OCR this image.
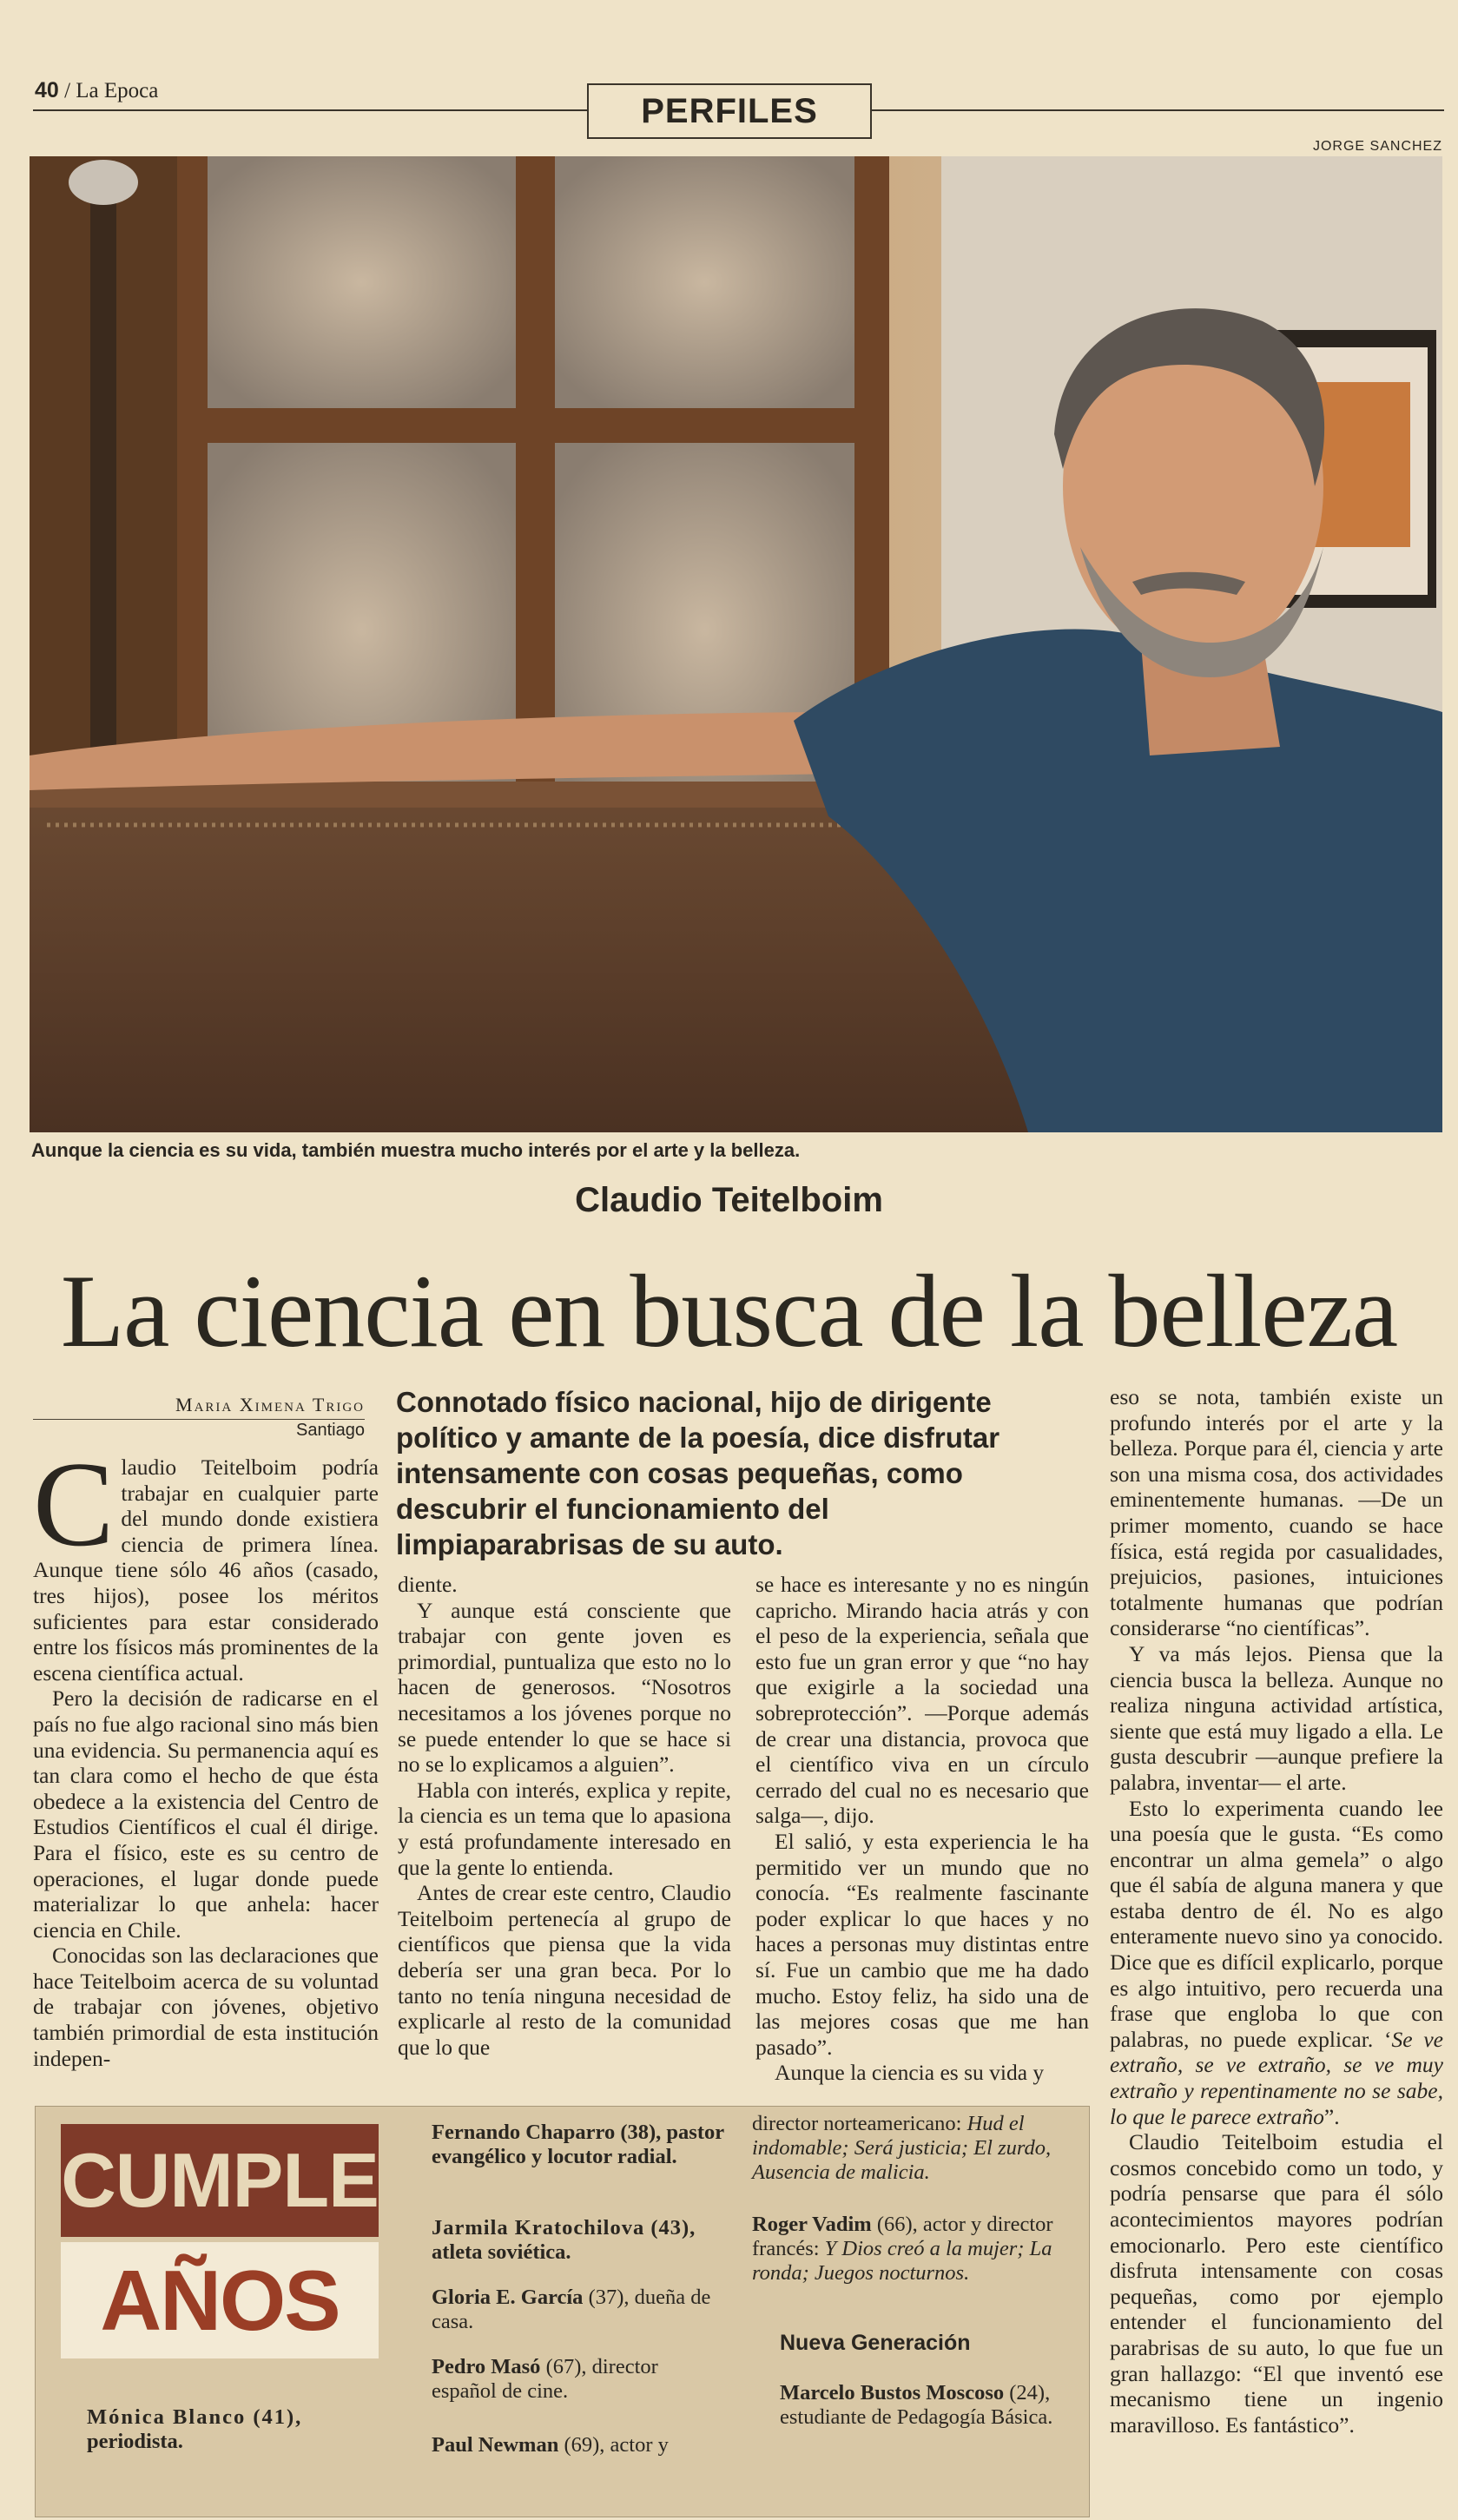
40 / La Epoca
PERFILES
JORGE SANCHEZ
Aunque la ciencia es su vida, también muestra mucho interés por el arte y la belleza.
Claudio Teitelboim
La ciencia en busca de la belleza
Maria Ximena Trigo
Santiago
Connotado físico nacional, hijo de dirigente político y amante de la poesía, dice disfrutar intensamente con cosas pequeñas, como descubrir el funcionamiento del limpiaparabrisas de su auto.

Claudio Teitelboim podría trabajar en cualquier parte del mundo donde existiera ciencia de primera línea. Aunque tiene sólo 46 años (casado, tres hijos), posee los méritos suficientes para estar considerado entre los físicos más prominentes de la escena científica actual.

Pero la decisión de radicarse en el país no fue algo racional sino más bien una evidencia. Su permanencia aquí es tan clara como el hecho de que ésta obedece a la existencia del Centro de Estudios Científicos el cual él dirige. Para el físico, este es su centro de operaciones, el lugar donde puede materializar lo que anhela: hacer ciencia en Chile.

Conocidas son las declaraciones que hace Teitelboim acerca de su voluntad de trabajar con jóvenes, objetivo también primordial de esta institución indepen-

diente.

Y aunque está consciente que trabajar con gente joven es primordial, puntualiza que esto no lo hacen de generosos. “Nosotros necesitamos a los jóvenes porque no se puede entender lo que se hace si no se lo explicamos a alguien”.

Habla con interés, explica y repite, la ciencia es un tema que lo apasiona y está profundamente interesado en que la gente lo entienda.

Antes de crear este centro, Claudio Teitelboim pertenecía al grupo de científicos que piensa que la vida debería ser una gran beca. Por lo tanto no tenía ninguna necesidad de explicarle al resto de la comunidad que lo que

se hace es interesante y no es ningún capricho. Mirando hacia atrás y con el peso de la experiencia, señala que esto fue un gran error y que “no hay que exigirle a la sociedad una sobreprotección”. —Porque además de crear una distancia, provoca que el científico viva en un círculo cerrado del cual no es necesario que salga—, dijo.

El salió, y esta experiencia le ha permitido ver un mundo que no conocía. “Es realmente fascinante poder explicar lo que haces y no haces a personas muy distintas entre sí. Fue un cambio que me ha dado mucho. Estoy feliz, ha sido una de las mejores cosas que me han pasado”.

Aunque la ciencia es su vida y

eso se nota, también existe un profundo interés por el arte y la belleza. Porque para él, ciencia y arte son una misma cosa, dos actividades eminentemente humanas. —De un primer momento, cuando se hace física, está regida por casualidades, prejuicios, pasiones, intuiciones totalmente humanas que podrían considerarse “no científicas”.

Y va más lejos. Piensa que la ciencia busca la belleza. Aunque no realiza ninguna actividad artística, siente que está muy ligado a ella. Le gusta descubrir —aunque prefiere la palabra, inventar— el arte.

Esto lo experimenta cuando lee una poesía que le gusta. “Es como encontrar un alma gemela” o algo que él sabía de alguna manera y que estaba dentro de él. No es algo enteramente nuevo sino ya conocido. Dice que es difícil explicarlo, porque es algo intuitivo, pero recuerda una frase que engloba lo que con palabras, no puede explicar. ‘Se ve extraño, se ve extraño, se ve muy extraño y repentinamente no se sabe, lo que le parece extraño”.

Claudio Teitelboim estudia el cosmos concebido como un todo, y podría pensarse que para él sólo acontecimientos mayores podrían emocionarlo. Pero este científico disfruta intensamente con cosas pequeñas, como por ejemplo entender el funcionamiento del parabrisas de su auto, lo que fue un gran hallazgo: “El que inventó ese mecanismo tiene un ingenio maravilloso. Es fantástico”.

CUMPLE
AÑOS
Mónica Blanco (41),
periodista.
Fernando Chaparro (38), pastor evangélico y locutor radial.
Jarmila Kratochilova (43), atleta soviética.
Gloria E. García (37), dueña de casa.
Pedro Masó (67), director español de cine.
Paul Newman (69), actor y
director norteamericano: Hud el indomable; Será justicia; El zurdo, Ausencia de malicia.
Roger Vadim (66), actor y director francés: Y Dios creó a la mujer; La ronda; Juegos nocturnos.
Nueva Generación
Marcelo Bustos Moscoso (24), estudiante de Pedagogía Básica.
